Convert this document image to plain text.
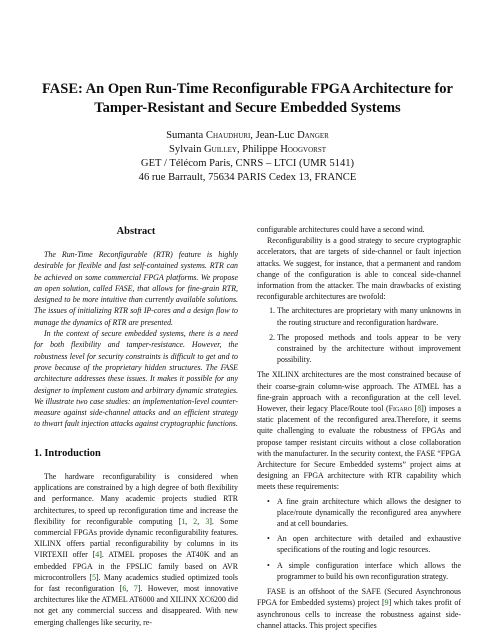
FASE: An Open Run-Time Reconfigurable FPGA Architecture for
Tamper-Resistant and Secure Embedded Systems
Sumanta Chaudhuri, Jean-Luc Danger
Sylvain Guilley, Philippe Hoogvorst
GET / Télécom Paris, CNRS – LTCI (UMR 5141)
46 rue Barrault, 75634 PARIS Cedex 13, FRANCE
Abstract

The Run-Time Reconfigurable (RTR) feature is highly desirable for flexible and fast self-contained systems. RTR can be achieved on some commercial FPGA platforms. We propose an open solution, called FASE, that allows for fine-grain RTR, designed to be more intuitive than currently available solutions. The issues of initializing RTR soft IP-cores and a design flow to manage the dynamics of RTR are presented.

In the context of secure embedded systems, there is a need for both flexibility and tamper-resistance. However, the robustness level for security constraints is difficult to get and to prove because of the proprietary hidden structures. The FASE architecture addresses these issues. It makes it possible for any designer to implement custom and arbitrary dynamic strategies. We illustrate two case studies: an implementation-level counter-measure against side-channel attacks and an efficient strategy to thwart fault injection attacks against cryptographic functions.

1. Introduction

The hardware reconfigurability is considered when applications are constrained by a high degree of both flexibility and performance. Many academic projects studied RTR architectures, to speed up reconfiguration time and increase the flexibility for reconfigurable computing [1, 2, 3]. Some commercial FPGAs provide dynamic reconfigurability features. XILINX offers partial reconfigurability by columns in its VIRTEXII offer [4]. ATMEL proposes the AT40K and an embedded FPGA in the FPSLIC family based on AVR microcontrollers [5]. Many academics studied optimized tools for fast reconfiguration [6, 7]. However, most innovative architectures like the ATMEL AT6000 and XILINX XC6200 did not get any commercial success and disappeared. With new emerging challenges like security, re-

configurable architectures could have a second wind.

Reconfigurability is a good strategy to secure cryptographic accelerators, that are targets of side-channel or fault injection attacks. We suggest, for instance, that a permanent and random change of the configuration is able to conceal side-channel information from the attacker. The main drawbacks of existing reconfigurable architectures are twofold:

1. The architectures are proprietary with many unknowns in the routing structure and reconfiguration hardware.
2. The proposed methods and tools appear to be very constrained by the architecture without improvement possibility.

The XILINX architectures are the most constrained because of their coarse-grain column-wise approach. The ATMEL has a fine-grain approach with a reconfiguration at the cell level. However, their legacy Place/Route tool (Figaro [8]) imposes a static placement of the reconfigured area.Therefore, it seems quite challenging to evaluate the robustness of FPGAs and propose tamper resistant circuits without a close collaboration with the manufacturer. In the security context, the FASE “FPGA Architecture for Secure Embedded systems” project aims at designing an FPGA architecture with RTR capability which meets these requirements:

• A fine grain architecture which allows the designer to place/route dynamically the reconfigured area anywhere and at cell boundaries.
• An open architecture with detailed and exhaustive specifications of the routing and logic resources.
• A simple configuration interface which allows the programmer to build his own reconfiguration strategy.

FASE is an offshoot of the SAFE (Secured Asynchronous FPGA for Embedded systems) project [9] which takes profit of asynchronous cells to increase the robustness against side-channel attacks. This project specifies
